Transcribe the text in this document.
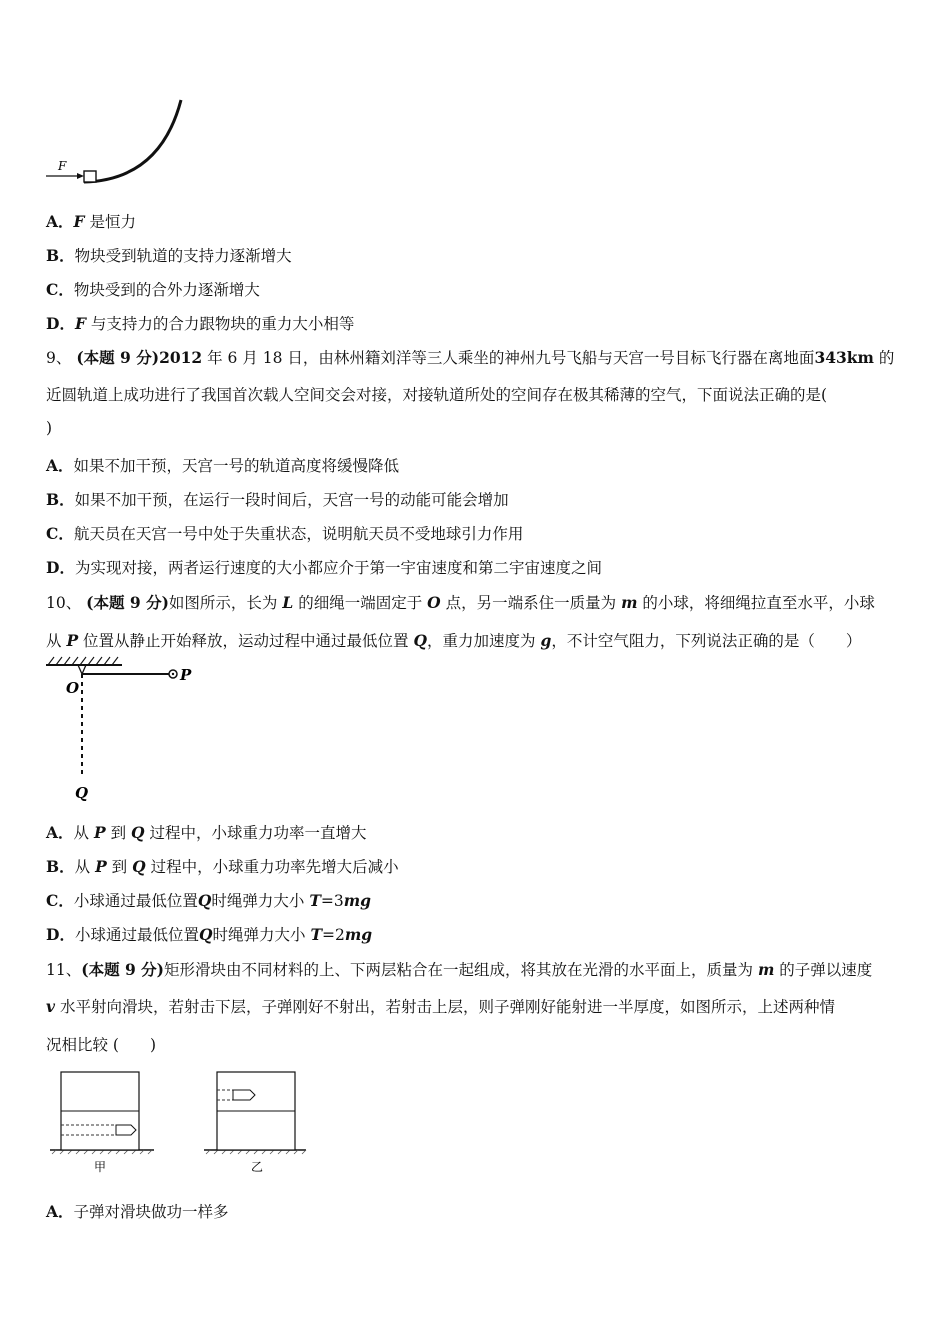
F
A．F 是恒力
B．物块受到轨道的支持力逐渐增大
C．物块受到的合外力逐渐增大
D．F 与支持力的合力跟物块的重力大小相等
9、 (本题 9 分)2012 年 6 月 18 日，由林州籍刘洋等三人乘坐的神州九号飞船与天宫一号目标飞行器在离地面343km 的
近圆轨道上成功进行了我国首次载人空间交会对接，对接轨道所处的空间存在极其稀薄的空气，下面说法正确的是(
)
A．如果不加干预，天宫一号的轨道高度将缓慢降低
B．如果不加干预，在运行一段时间后，天宫一号的动能可能会增加
C．航天员在天宫一号中处于失重状态，说明航天员不受地球引力作用
D．为实现对接，两者运行速度的大小都应介于第一宇宙速度和第二宇宙速度之间
10、 (本题 9 分)如图所示，长为 L 的细绳一端固定于 O 点，另一端系住一质量为 m 的小球，将细绳拉直至水平，小球
从 P 位置从静止开始释放，运动过程中通过最低位置 Q，重力加速度为 g，不计空气阻力，下列说法正确的是（　　）
O
P
Q
A．从 P 到 Q 过程中，小球重力功率一直增大
B．从 P 到 Q 过程中，小球重力功率先增大后减小
C．小球通过最低位置Q时绳弹力大小 T=3mg
D．小球通过最低位置Q时绳弹力大小 T=2mg
11、(本题 9 分)矩形滑块由不同材料的上、下两层粘合在一起组成，将其放在光滑的水平面上，质量为 m 的子弹以速度
v 水平射向滑块，若射击下层，子弹刚好不射出，若射击上层，则子弹刚好能射进一半厚度，如图所示，上述两种情
况相比较 (　　)
甲	乙
A．子弹对滑块做功一样多
